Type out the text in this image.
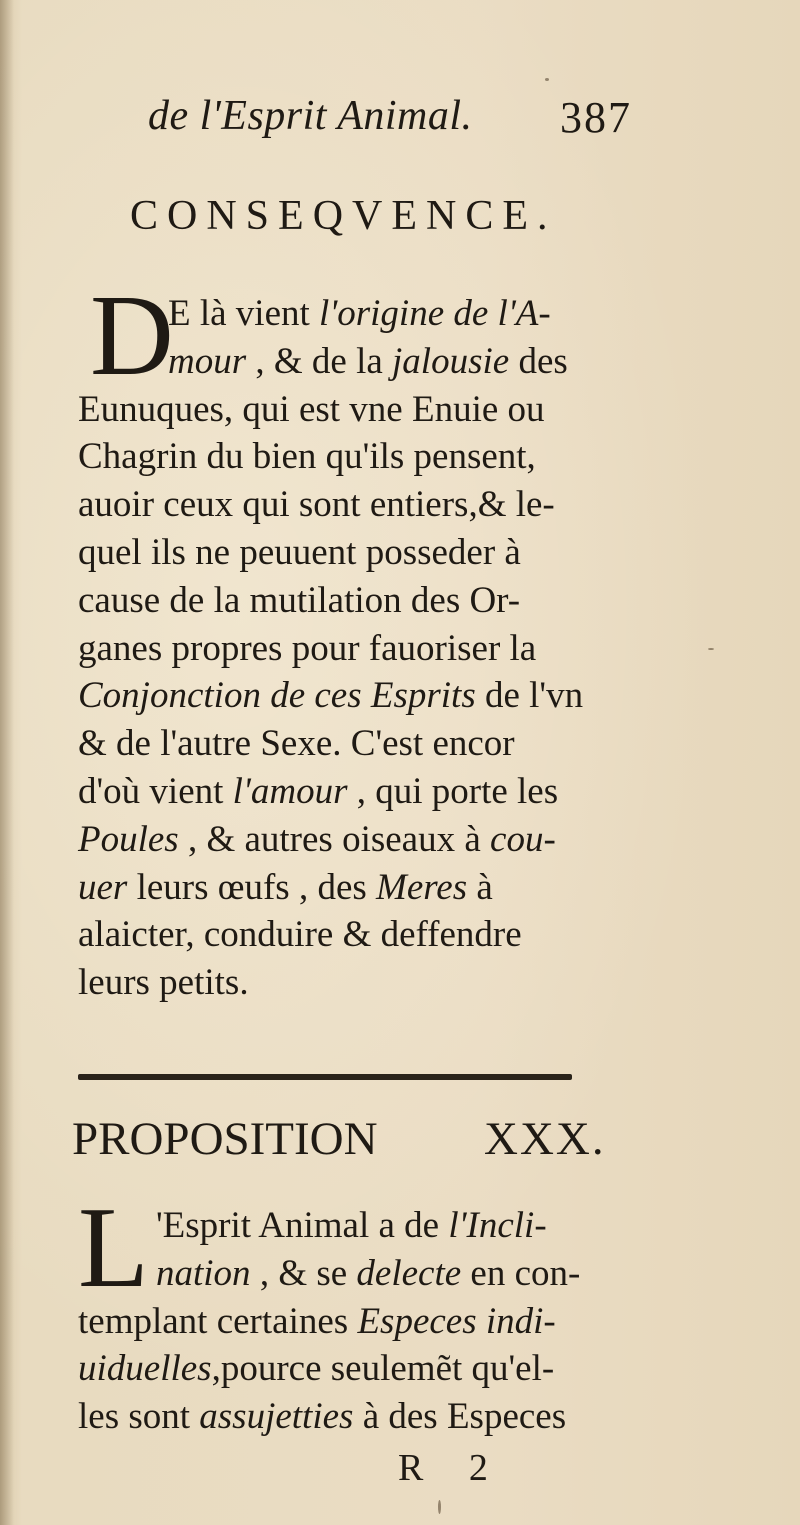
de l'Esprit Animal. 387
CONSEQVENCE.
D
E là vient l'origine de l'A-
mour , & de la jalousie des
Eunuques, qui est vne Enuie ou
Chagrin du bien qu'ils pensent,
auoir ceux qui sont entiers,& le-
quel ils ne peuuent posseder à
cause de la mutilation des Or-
ganes propres pour fauoriser la
Conjonction de ces Esprits de l'vn
& de l'autre Sexe. C'est encor
d'où vient l'amour , qui porte les
Poules , & autres oiseaux à cou-
uer leurs œufs , des Meres à
alaicter, conduire & deffendre
leurs petits.
PROPOSITION XXX.
L 'Esprit Animal a de l'Incli-
nation , & se delecte en con-
templant certaines Especes indi-
uiduelles,pource seulemẽt qu'el-
les sont assujetties à des Especes
R 2
